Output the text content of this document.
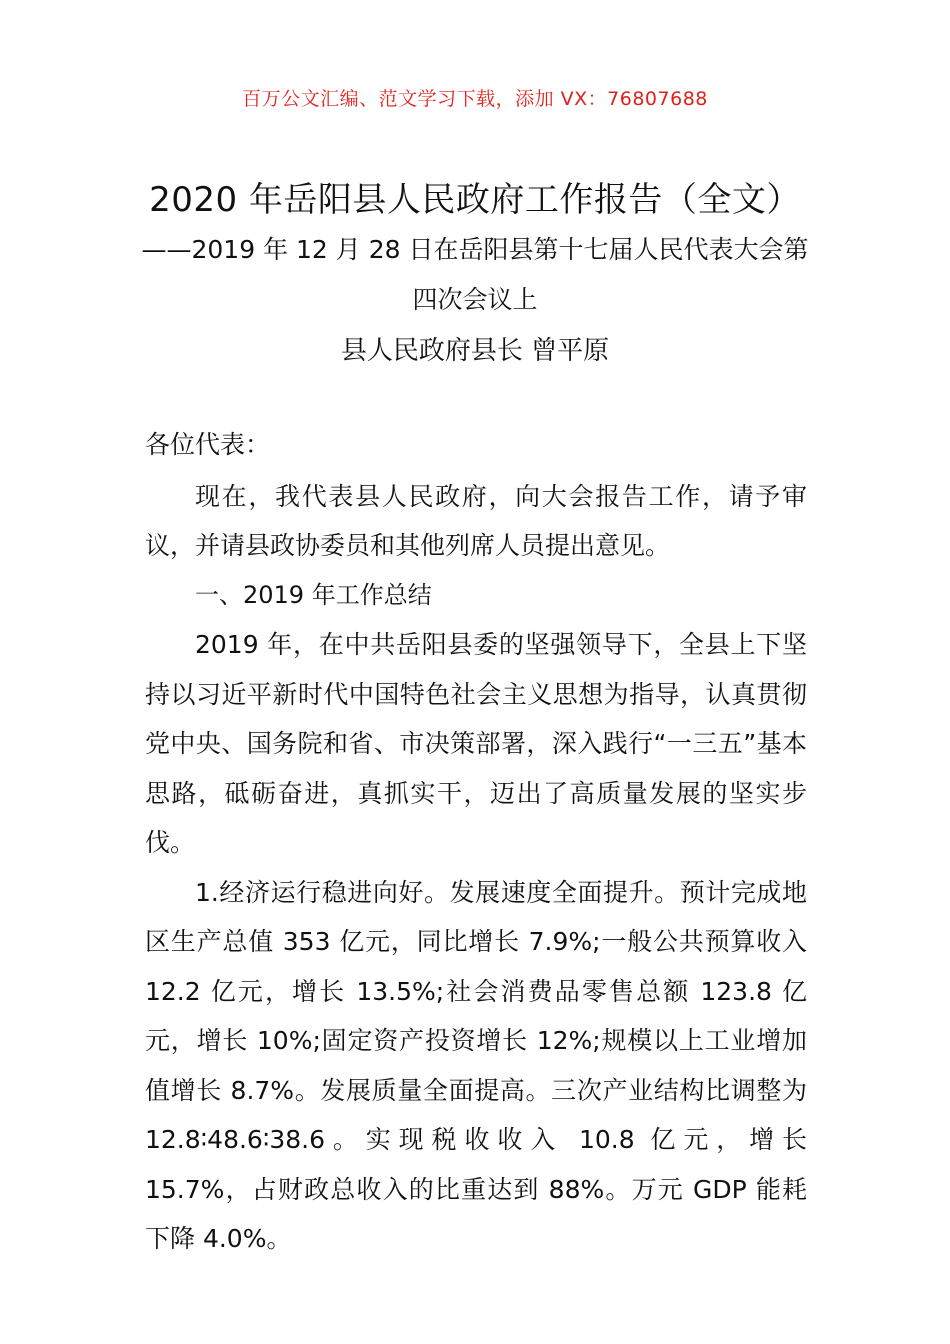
百万公文汇编、范文学习下载，添加 VX：76807688
2020 年岳阳县人民政府工作报告（全文）
——2019 年 12 月 28 日在岳阳县第十七届人民代表大会第
四次会议上
县人民政府县长 曾平原

各位代表：

现在，我代表县人民政府，向大会报告工作，请予审议，并请县政协委员和其他列席人员提出意见。

一、2019 年工作总结

2019 年，在中共岳阳县委的坚强领导下，全县上下坚持以习近平新时代中国特色社会主义思想为指导，认真贯彻党中央、国务院和省、市决策部署，深入践行“一三五”基本思路，砥砺奋进，真抓实干，迈出了高质量发展的坚实步伐。

1.经济运行稳进向好。发展速度全面提升。预计完成地区生产总值 353 亿元，同比增长 7.9%;一般公共预算收入 12.2 亿元，增长 13.5%;社会消费品零售总额 123.8 亿元，增长 10%;固定资产投资增长 12%;规模以上工业增加值增长 8.7%。发展质量全面提高。三次产业结构比调整为 12.8∶48.6∶38.6。实现税收收入 10.8 亿元，增长 15.7%，占财政总收入的比重达到 88%。万元 GDP 能耗下降 4.0%。
